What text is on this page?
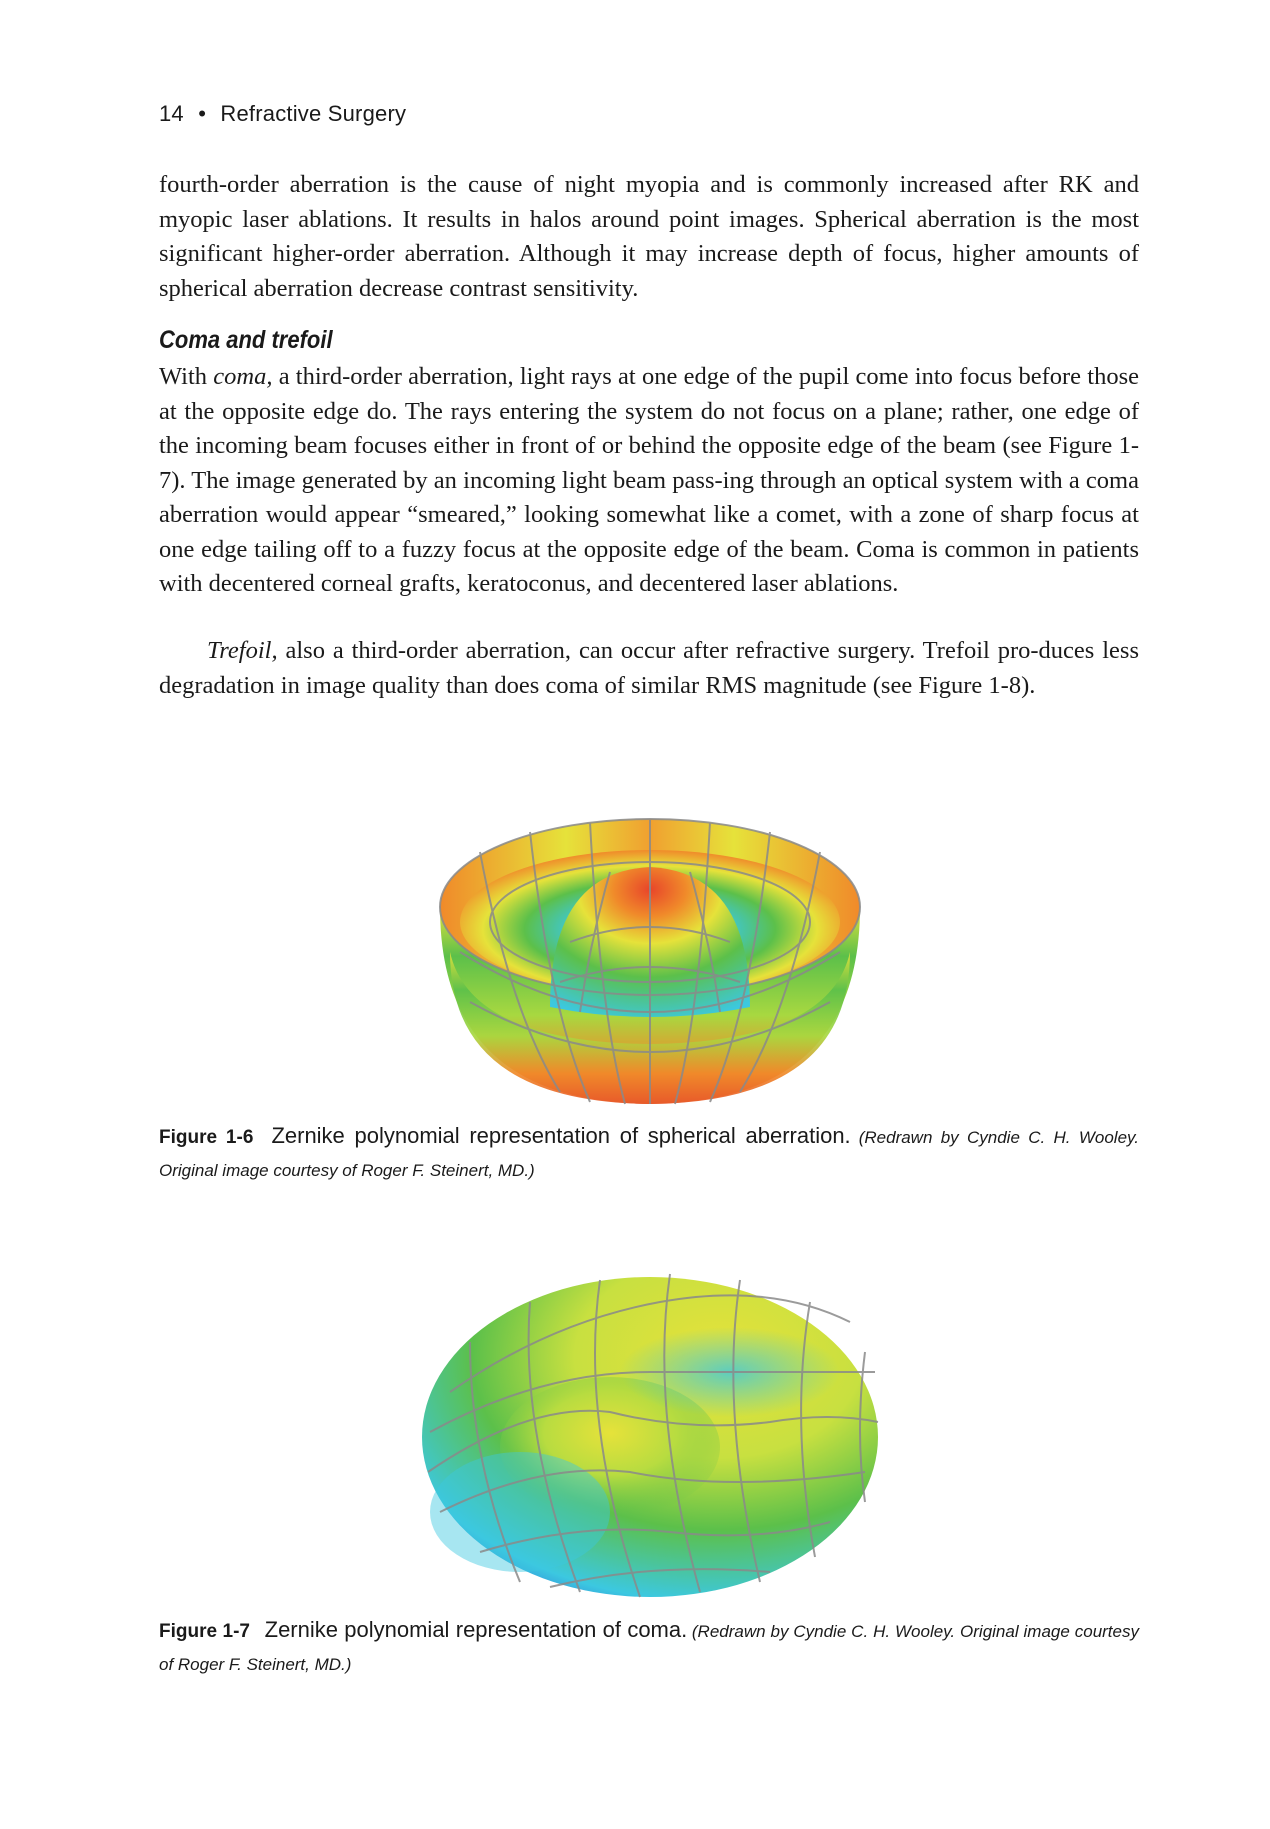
14 • Refractive Surgery

fourth-order aberration is the cause of night myopia and is commonly increased after RK and myopic laser ablations. It results in halos around point images. Spherical aberration is the most significant higher-order aberration. Although it may increase depth of focus, higher amounts of spherical aberration decrease contrast sensitivity.

Coma and trefoil

With coma, a third-order aberration, light rays at one edge of the pupil come into focus before those at the opposite edge do. The rays entering the system do not focus on a plane; rather, one edge of the incoming beam focuses either in front of or behind the opposite edge of the beam (see Figure 1-7). The image generated by an incoming light beam pass-ing through an optical system with a coma aberration would appear “smeared,” looking somewhat like a comet, with a zone of sharp focus at one edge tailing off to a fuzzy focus at the opposite edge of the beam. Coma is common in patients with decentered corneal grafts, keratoconus, and decentered laser ablations.

Trefoil, also a third-order aberration, can occur after refractive surgery. Trefoil pro-duces less degradation in image quality than does coma of similar RMS magnitude (see Figure 1-8).

Figure 1-6 Zernike polynomial representation of spherical aberration. (Redrawn by Cyndie C. H. Wooley. Original image courtesy of Roger F. Steinert, MD.)
Figure 1-7 Zernike polynomial representation of coma. (Redrawn by Cyndie C. H. Wooley. Original image courtesy of Roger F. Steinert, MD.)
